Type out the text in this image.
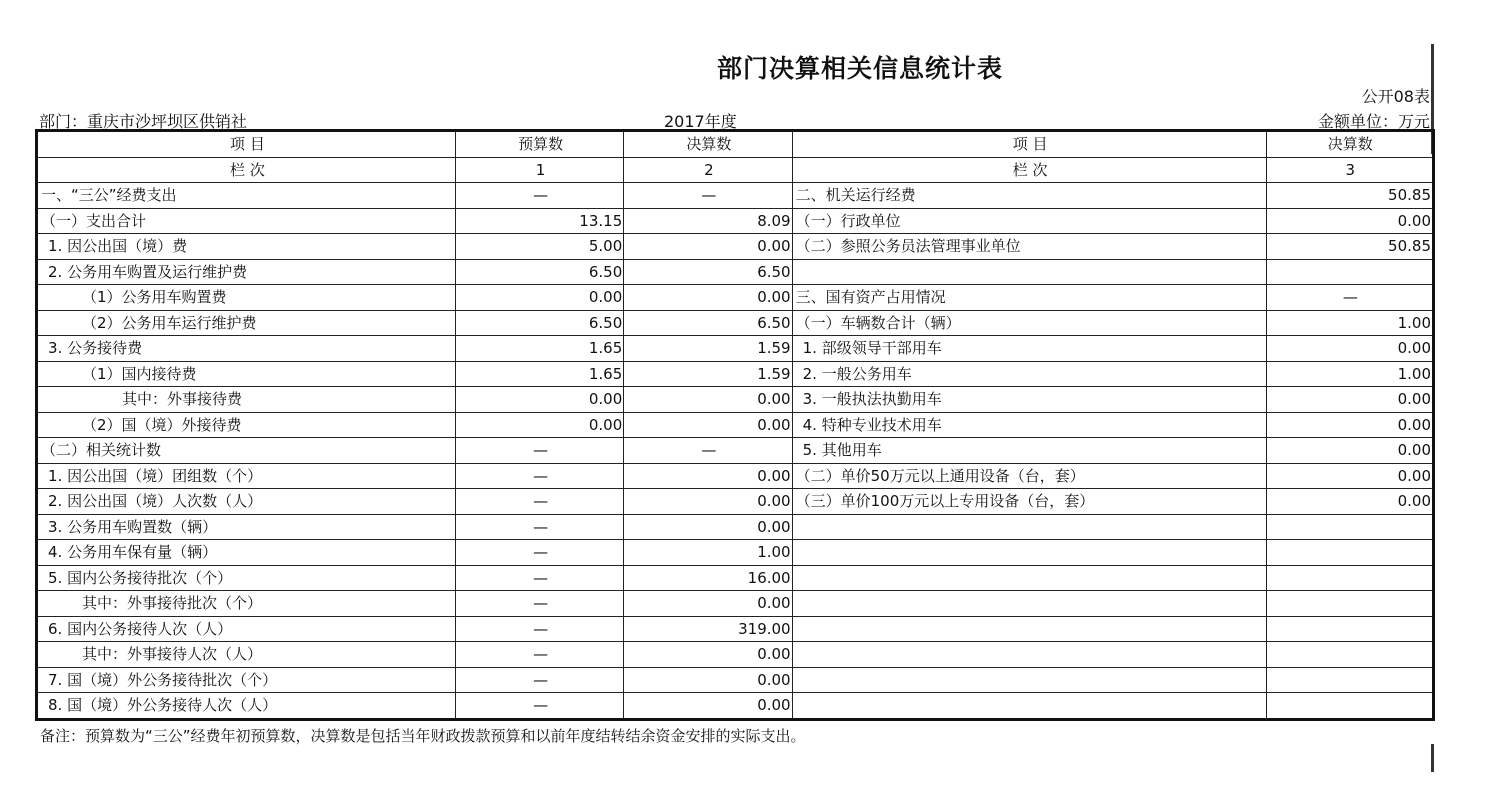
部门决算相关信息统计表
公开08表
部门：重庆市沙坪坝区供销社	2017年度	金额单位：万元
项 目	预算数	决算数	项 目	决算数
栏 次	1	2	栏 次	3
一、“三公”经费支出	—	—	二、机关运行经费	50.85
（一）支出合计	13.15	8.09	（一）行政单位	0.00
1. 因公出国（境）费	5.00	0.00	（二）参照公务员法管理事业单位	50.85
2. 公务用车购置及运行维护费	6.50	6.50		
（1）公务用车购置费	0.00	0.00	三、国有资产占用情况	—
（2）公务用车运行维护费	6.50	6.50	（一）车辆数合计（辆）	1.00
3. 公务接待费	1.65	1.59	1. 部级领导干部用车	0.00
（1）国内接待费	1.65	1.59	2. 一般公务用车	1.00
其中：外事接待费	0.00	0.00	3. 一般执法执勤用车	0.00
（2）国（境）外接待费	0.00	0.00	4. 特种专业技术用车	0.00
（二）相关统计数	—	—	5. 其他用车	0.00
1. 因公出国（境）团组数（个）	—	0.00	（二）单价50万元以上通用设备（台，套）	0.00
2. 因公出国（境）人次数（人）	—	0.00	（三）单价100万元以上专用设备（台，套）	0.00
3. 公务用车购置数（辆）	—	0.00		
4. 公务用车保有量（辆）	—	1.00		
5. 国内公务接待批次（个）	—	16.00		
其中：外事接待批次（个）	—	0.00		
6. 国内公务接待人次（人）	—	319.00		
其中：外事接待人次（人）	—	0.00		
7. 国（境）外公务接待批次（个）	—	0.00		
8. 国（境）外公务接待人次（人）	—	0.00		
备注：预算数为“三公”经费年初预算数，决算数是包括当年财政拨款预算和以前年度结转结余资金安排的实际支出。
